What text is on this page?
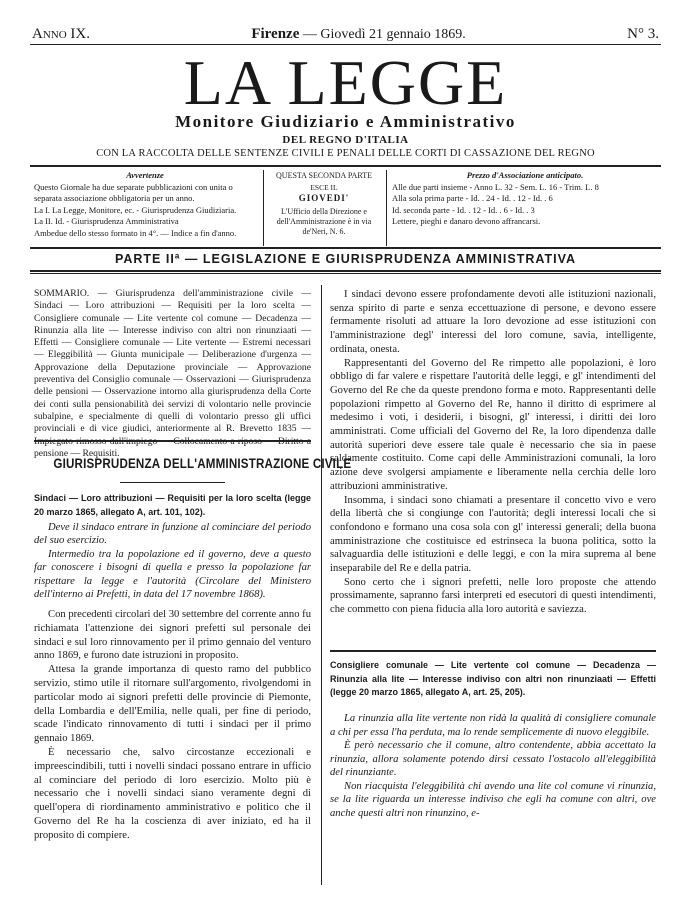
Anno IX.	Firenze — Giovedì 21 gennaio 1869.	N° 3.
LA LEGGE
Monitore Giudiziario e Amministrativo
DEL REGNO D'ITALIA
CON LA RACCOLTA DELLE SENTENZE CIVILI E PENALI DELLE CORTI DI CASSAZIONE DEL REGNO
Avvertenze
Questo Giornale ha due separate pubblicazioni con unita o separata associazione obbligatoria per un anno.
La I. La Legge, Monitore, ec. - Giurisprudenza Giudiziaria.
La II. Id. - Giurisprudenza Amministrativa
Ambedue dello stesso formato in 4°. — Indice a fin d'anno.
QUESTA SECONDA PARTE
ESCE IL
GIOVEDI'
L'Ufficio della Direzione e dell'Amministrazione è in via de'Neri, N. 6.
Prezzo d'Associazione anticipato.
Alle due parti insieme - Anno L. 32 - Sem. L. 16 - Trim. L. 8
Alla sola prima parte - Id. . 24 - Id. . 12 - Id. . 6
Id. seconda parte - Id. . 12 - Id. . 6 - Id. . 3
Lettere, pieghi e danaro devono affrancarsi.
PARTE IIª — LEGISLAZIONE E GIURISPRUDENZA AMMINISTRATIVA
SOMMARIO. — Giurisprudenza dell'amministrazione civile — Sindaci — Loro attribuzioni — Requisiti per la loro scelta — Consigliere comunale — Lite vertente col comune — Decadenza — Rinunzia alla lite — Interesse indiviso con altri non rinunziaati — Effetti — Consigliere comunale — Lite vertente — Estremi necessari — Eleggibilità — Giunta municipale — Deliberazione d'urgenza — Approvazione della Deputazione provinciale — Approvazione preventiva del Consiglio comunale — Osservazioni — Giurisprudenza delle pensioni — Osservazione intorno alla giurisprudenza della Corte dei conti sulla pensionabilità dei servizi di volontario nelle provincie subalpine, e specialmente di quelli di volontario presso gli uffici provinciali e di vice giudici, anteriormente al R. Brevetto 1835 — Impiegato rimosso dall'impiego — Collocamento a riposo — Diritto a pensione — Requisiti.
GIURISPRUDENZA DELL'AMMINISTRAZIONE CIVILE
Sindaci — Loro attribuzioni — Requisiti per la loro scelta (legge 20 marzo 1865, allegato A, art. 101, 102).

Deve il sindaco entrare in funzione al cominciare del periodo del suo esercizio.

Intermedio tra la popolazione ed il governo, deve a questo far conoscere i bisogni di quella e presso la popolazione far rispettare la legge e l'autorità (Circolare del Ministero dell'interno ai Prefetti, in data del 17 novembre 1868).

Con precedenti circolari del 30 settembre del corrente anno fu richiamata l'attenzione dei signori prefetti sul personale dei sindaci e sul loro rinnovamento per il primo gennaio del venturo anno 1869, e furono date istruzioni in proposito.

Attesa la grande importanza di questo ramo del pubblico servizio, stimo utile il ritornare sull'argomento, rivolgendomi in particolar modo ai signori prefetti delle provincie di Piemonte, della Lombardia e dell'Emilia, nelle quali, per fine di periodo, scade l'indicato rinnovamento di tutti i sindaci per il primo gennaio 1869.

È necessario che, salvo circostanze eccezionali e impreescindibili, tutti i novelli sindaci possano entrare in ufficio al cominciare del periodo di loro esercizio. Molto più è necessario che i novelli sindaci siano veramente degni di quell'opera di riordinamento amministrativo e politico che il Governo del Re ha la coscienza di aver iniziato, ed ha il proposito di compiere.

I sindaci devono essere profondamente devoti alle istituzioni nazionali, senza spirito di parte e senza eccettuazione di persone, e devono essere fermamente risoluti ad attuare la loro devozione ad esse istituzioni con l'amministrazione degl' interessi del loro comune, savia, intelligente, ordinata, onesta.

Rappresentanti del Governo del Re rimpetto alle popolazioni, è loro obbligo di far valere e rispettare l'autorità delle leggi, e gl' intendimenti del Governo del Re che da queste prendono forma e moto. Rappresentanti delle popolazioni rimpetto al Governo del Re, hanno il diritto di esprimere al medesimo i voti, i desiderii, i bisogni, gl' interessi, i diritti dei loro amministrati. Come ufficiali del Governo del Re, la loro dipendenza dalle autorità superiori deve essere tale quale è necessario che sia in paese saldamente costituito. Come capi delle Amministrazioni comunali, la loro azione deve svolgersi ampiamente e liberamente nella cerchia delle loro attribuzioni amministrative.

Insomma, i sindaci sono chiamati a presentare il concetto vivo e vero della libertà che si congiunge con l'autorità; degli interessi locali che si confondono e formano una cosa sola con gl' interessi generali; della buona amministrazione che costituisce ed estrinseca la buona politica, sotto la salvaguardia delle istituzioni e delle leggi, e con la mira suprema al bene inseparabile del Re e della patria.

Sono certo che i signori prefetti, nelle loro proposte che attendo prossimamente, sapranno farsi interpreti ed esecutori di questi intendimenti, che commetto con piena fiducia alla loro autorità e saviezza.

Consigliere comunale — Lite vertente col comune — Decadenza — Rinunzia alla lite — Interesse indiviso con altri non rinunziaati — Effetti (legge 20 marzo 1865, allegato A, art. 25, 205).

La rinunzia alla lite vertente non ridà la qualità di consigliere comunale a chi per essa l'ha perduta, ma lo rende semplicemente di nuovo eleggibile.

È però necessario che il comune, altro contendente, abbia accettato la rinunzia, allora solamente potendo dirsi cessato l'ostacolo all'eleggibilità del rinunziante.

Non riacquista l'eleggibilità chi avendo una lite col comune vi rinunzia, se la lite riguarda un interesse indiviso che egli ha comune con altri, ove anche questi altri non rinunzino, e-
